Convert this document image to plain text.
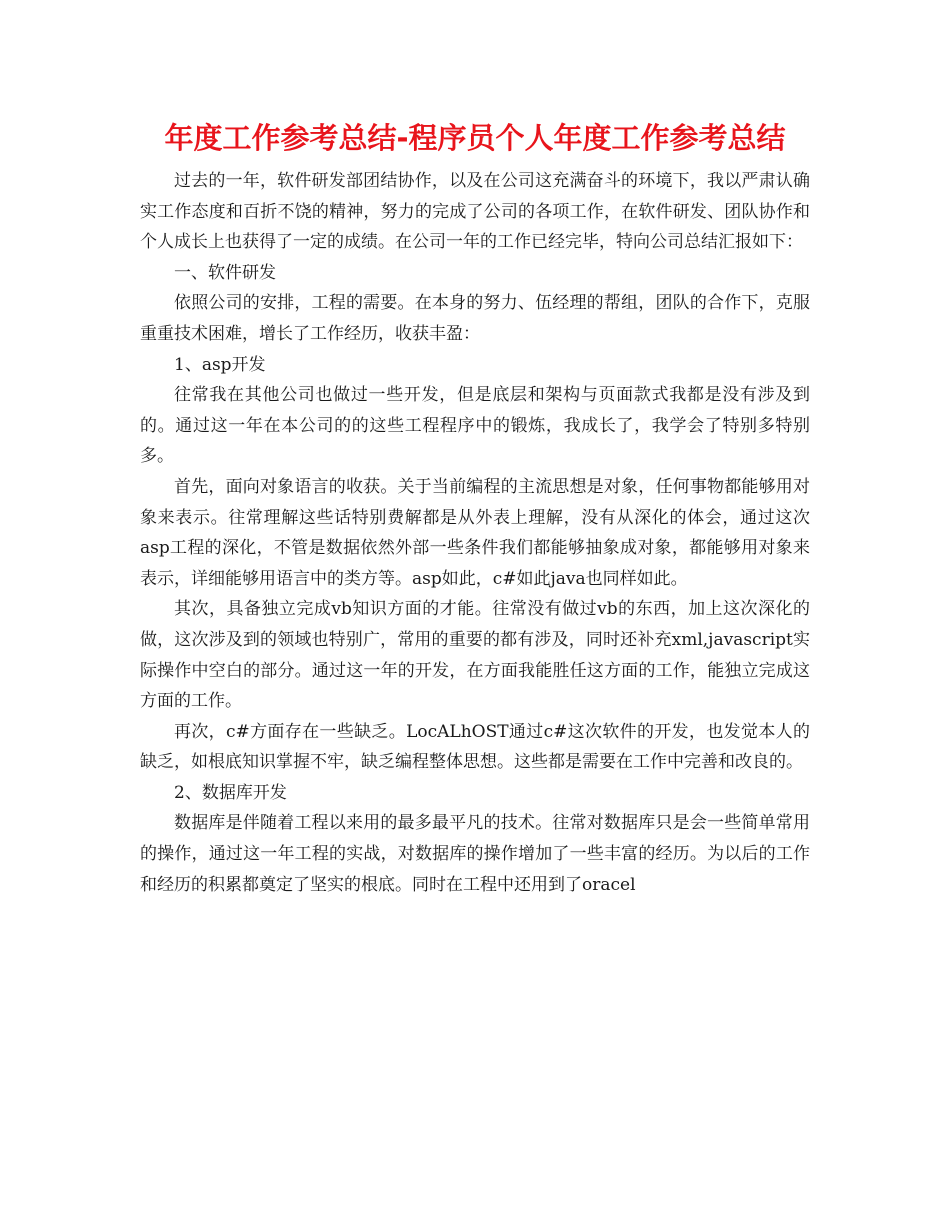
年度工作参考总结-程序员个人年度工作参考总结

过去的一年，软件研发部团结协作，以及在公司这充满奋斗的环境下，我以严肃认确实工作态度和百折不饶的精神，努力的完成了公司的各项工作，在软件研发、团队协作和个人成长上也获得了一定的成绩。在公司一年的工作已经完毕，特向公司总结汇报如下：

一、软件研发

依照公司的安排，工程的需要。在本身的努力、伍经理的帮组，团队的合作下，克服重重技术困难，增长了工作经历，收获丰盈：

1、asp开发

往常我在其他公司也做过一些开发，但是底层和架构与页面款式我都是没有涉及到的。通过这一年在本公司的的这些工程程序中的锻炼，我成长了，我学会了特别多特别多。

首先，面向对象语言的收获。关于当前编程的主流思想是对象，任何事物都能够用对象来表示。往常理解这些话特别费解都是从外表上理解，没有从深化的体会，通过这次asp工程的深化，不管是数据依然外部一些条件我们都能够抽象成对象，都能够用对象来表示，详细能够用语言中的类方等。asp如此，c#如此java也同样如此。

其次，具备独立完成vb知识方面的才能。往常没有做过vb的东西，加上这次深化的做，这次涉及到的领域也特别广，常用的重要的都有涉及，同时还补充xml,javascript实际操作中空白的部分。通过这一年的开发，在方面我能胜任这方面的工作，能独立完成这方面的工作。

再次，c#方面存在一些缺乏。LocALhOST通过c#这次软件的开发，也发觉本人的缺乏，如根底知识掌握不牢，缺乏编程整体思想。这些都是需要在工作中完善和改良的。

2、数据库开发

数据库是伴随着工程以来用的最多最平凡的技术。往常对数据库只是会一些简单常用的操作，通过这一年工程的实战，对数据库的操作增加了一些丰富的经历。为以后的工作和经历的积累都奠定了坚实的根底。同时在工程中还用到了oracel
